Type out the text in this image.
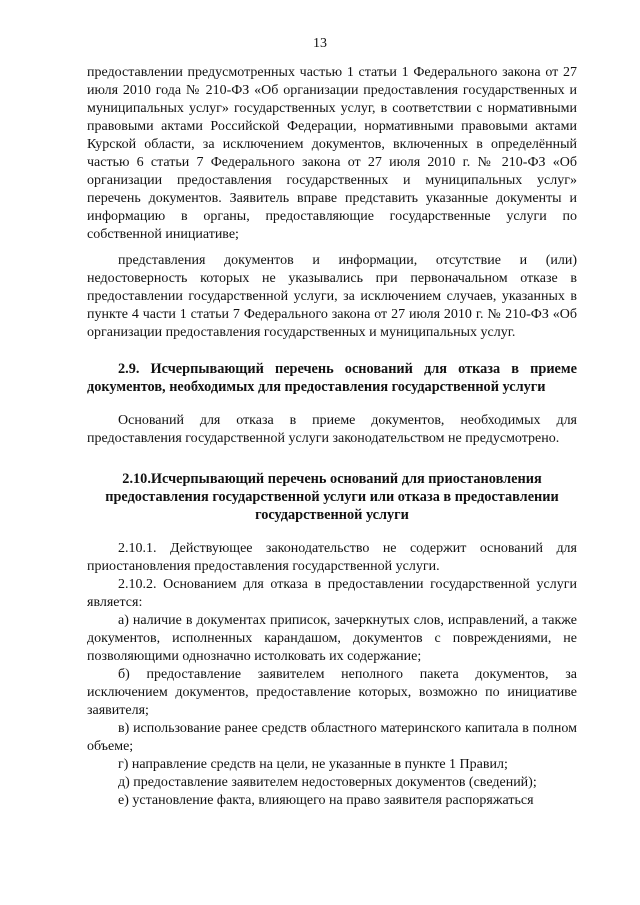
13

предоставлении предусмотренных частью 1 статьи 1 Федерального закона от 27 июля 2010 года № 210-ФЗ «Об организации предоставления государственных и муниципальных услуг» государственных услуг, в соответствии с нормативными правовыми актами Российской Федерации, нормативными правовыми актами Курской области, за исключением документов, включенных в определённый частью 6 статьи 7 Федерального закона от 27 июля 2010 г. № 210-ФЗ «Об организации предоставления государственных и муниципальных услуг» перечень документов. Заявитель вправе представить указанные документы и информацию в органы, предоставляющие государственные услуги по собственной инициативе;

представления документов и информации, отсутствие и (или) недостоверность которых не указывались при первоначальном отказе в предоставлении государственной услуги, за исключением случаев, указанных в пункте 4 части 1 статьи 7 Федерального закона от 27 июля 2010 г. № 210-ФЗ «Об организации предоставления государственных и муниципальных услуг.

2.9. Исчерпывающий перечень оснований для отказа в приеме документов, необходимых для предоставления государственной услуги

Оснований для отказа в приеме документов, необходимых для предоставления государственной услуги законодательством не предусмотрено.

2.10.Исчерпывающий перечень оснований для приостановления предоставления государственной услуги или отказа в предоставлении государственной услуги

2.10.1. Действующее законодательство не содержит оснований для приостановления предоставления государственной услуги.

2.10.2. Основанием для отказа в предоставлении государственной услуги является:

а) наличие в документах приписок, зачеркнутых слов, исправлений, а также документов, исполненных карандашом, документов с повреждениями, не позволяющими однозначно истолковать их содержание;

б) предоставление заявителем неполного пакета документов, за исключением документов, предоставление которых, возможно по инициативе заявителя;

в) использование ранее средств областного материнского капитала в полном объеме;

г) направление средств на цели, не указанные в пункте 1 Правил;

д) предоставление заявителем недостоверных документов (сведений);

е) установление факта, влияющего на право заявителя распоряжаться
